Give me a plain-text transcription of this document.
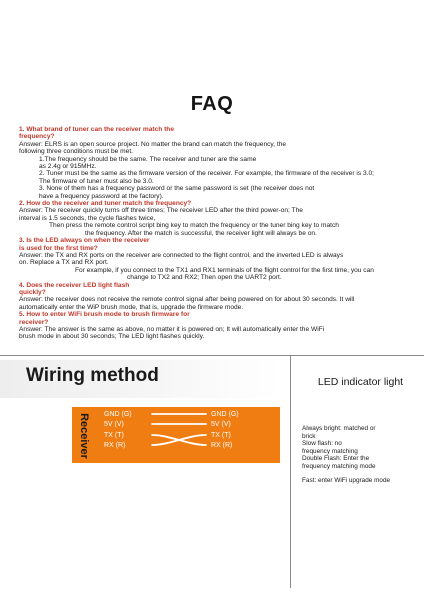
FAQ
1. What brand of tuner can the receiver match the
frequency?
Answer: ELRS is an open source project. No matter the brand can match the frequency, the
following three conditions must be met.
1.The frequency should be the same. The receiver and tuner are the same
as 2.4g or 915MHz.
2. Tuner must be the same as the firmware version of the receiver. For example, the firmware of the receiver is 3.0;
The firmware of tuner must also be 3.0.
3. None of them has a frequency password or the same password is set (the receiver does not
have a frequency password at the factory).
2. How do the receiver and tuner match the frequency?
Answer: The receiver quickly turns off three times; The receiver LED after the third power-on; The
interval is 1.5 seconds, the cycle flashes twice,
Then press the remote control script bing key to match the frequency or the tuner bing key to match
the frequency. After the match is successful, the receiver light will always be on.
3. Is the LED always on when the receiver
is used for the first time?
Answer: the TX and RX ports on the receiver are connected to the flight control, and the inverted LED is always
on. Replace a TX and RX port.
For example, if you connect to the TX1 and RX1 terminals of the flight control for the first time, you can
change to TX2 and RX2; Then open the UART2 port.
4. Does the receiver LED light flash
quickly?
Answer: the receiver does not receive the remote control signal after being powered on for about 30 seconds. It will
automatically enter the WiP brush mode, that is, upgrade the firmware mode.
5. How to enter WiFi brush mode to brush firmware for
receiver?
Answer: The answer is the same as above, no matter it is powered on; It will automatically enter the WiFi
brush mode in about 30 seconds; The LED light flashes quickly.
Wiring method
GND (G)
5V (V)
TX (T)
RX (R)
GND (G)
5V (V)
TX (T)
RX (R)
Receiver
LED indicator light
Always bright: matched or
brick
Slow flash: no
frequency matching
Double Flash: Enter the
frequency matching mode
Fast: enter WiFi upgrade mode
